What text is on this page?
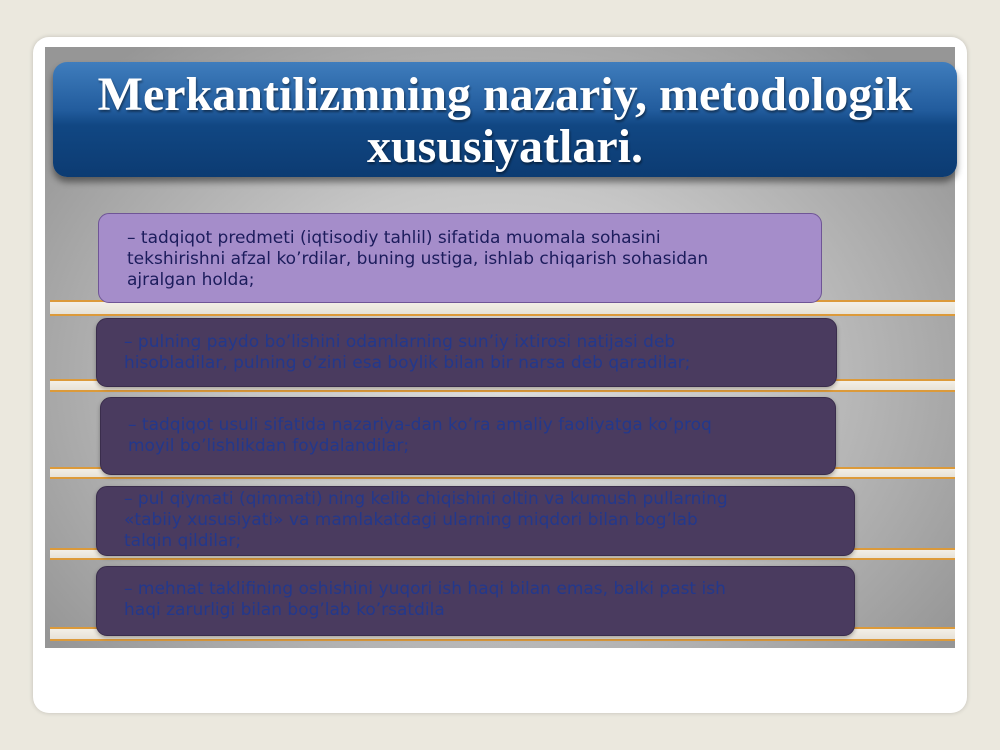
Merkantilizmning nazariy, metodologik
xususiyatlari.
– tadqiqot predmeti (iqtisodiy tahlil) sifatida muomala sohasini
tekshirishni afzal ko’rdilar, buning ustiga, ishlab chiqarish sohasidan
ajralgan holda;
– pulning paydo bo’lishini odamlarning sun’iy ixtirosi natijasi deb
hisobladilar, pulning o’zini esa boylik bilan bir narsa deb qaradilar;
– tadqiqot usuli sifatida nazariya-dan ko’ra amaliy faoliyatga ko’proq
moyil bo’lishlikdan foydalandilar;
– pul qiymati (qimmati) ning kelib chiqishini oltin va kumush pullarning
«tabiiy xususiyati» va mamlakatdagi ularning miqdori bilan bog’lab
talqin qildilar;
– mehnat taklifining oshishini yuqori ish haqi bilan emas, balki past ish
haqi zarurligi bilan bog’lab ko’rsatdila
